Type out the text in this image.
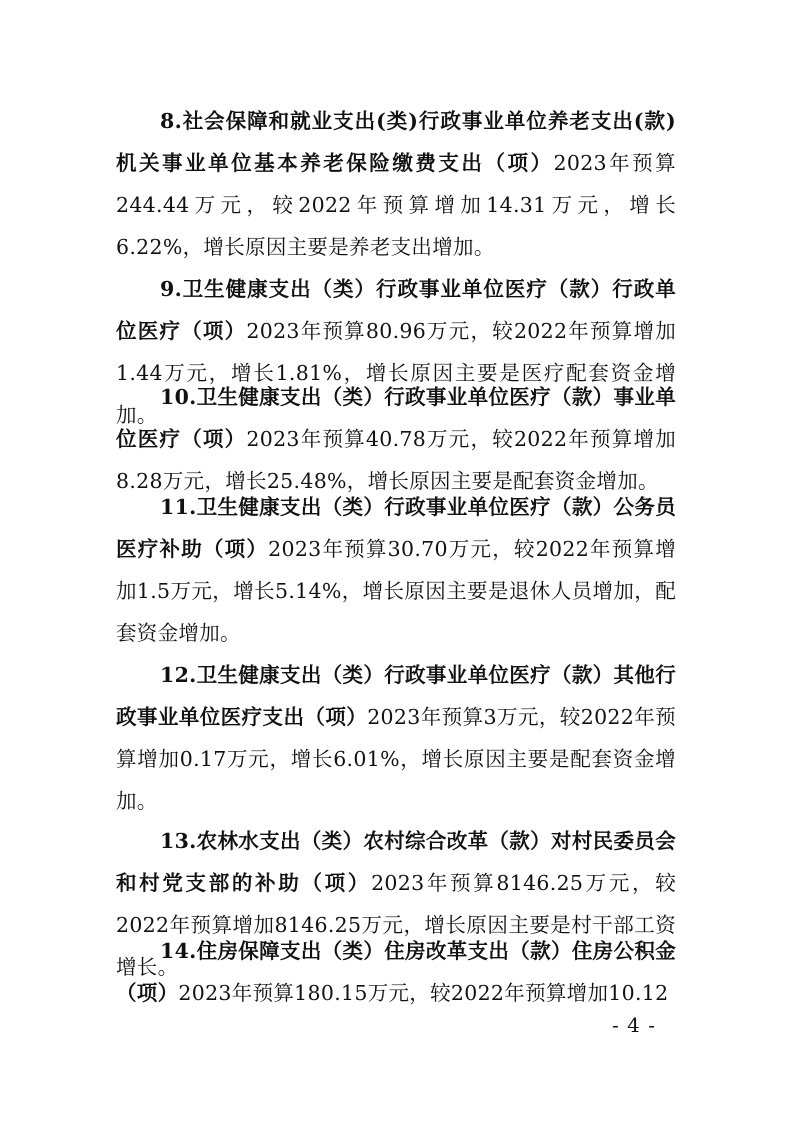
8.社会保障和就业支出(类)行政事业单位养老支出(款)机关事业单位基本养老保险缴费支出（项）2023年预算244.44万元，较2022年预算增加14.31万元，增长6.22%，增长原因主要是养老支出增加。

9.卫生健康支出（类）行政事业单位医疗（款）行政单位医疗（项）2023年预算80.96万元，较2022年预算增加1.44万元，增长1.81%，增长原因主要是医疗配套资金增加。

10.卫生健康支出（类）行政事业单位医疗（款）事业单位医疗（项）2023年预算40.78万元，较2022年预算增加8.28万元，增长25.48%，增长原因主要是配套资金增加。

11.卫生健康支出（类）行政事业单位医疗（款）公务员医疗补助（项）2023年预算30.70万元，较2022年预算增加1.5万元，增长5.14%，增长原因主要是退休人员增加，配套资金增加。

12.卫生健康支出（类）行政事业单位医疗（款）其他行政事业单位医疗支出（项）2023年预算3万元，较2022年预算增加0.17万元，增长6.01%，增长原因主要是配套资金增加。

13.农林水支出（类）农村综合改革（款）对村民委员会和村党支部的补助（项）2023年预算8146.25万元，较2022年预算增加8146.25万元，增长原因主要是村干部工资增长。

14.住房保障支出（类）住房改革支出（款）住房公积金（项）2023年预算180.15万元，较2022年预算增加10.12

- 4 -
